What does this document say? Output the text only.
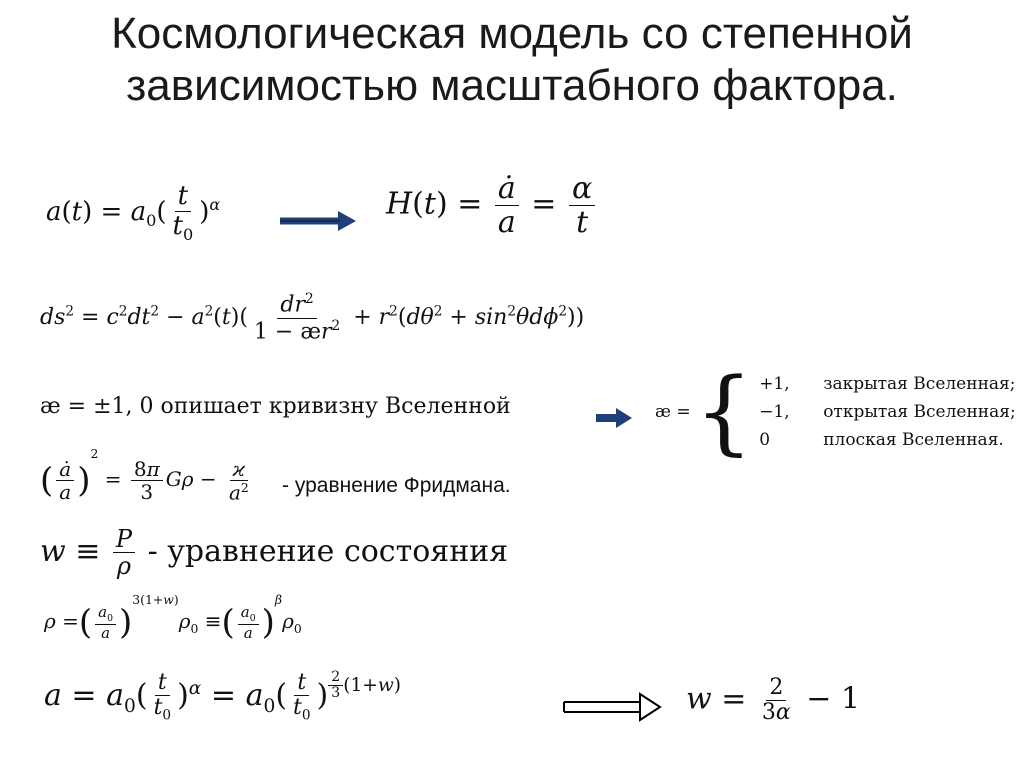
Космологическая модель со степенной
зависимостью масштабного фактора.
$a(t) = a_0( \frac{t}{t_0} )^\alpha$	$H(t) = \frac{ȧ}{a} = \frac{\alpha}{t}$
$ds^2 = c^2dt^2 - a^2(t)( \frac{dr^2}{1 - ær^2} + r^2(d\theta^2 + \sin^2\theta d\phi^2))$
æ = ±1, 0 опишает кривизну Вселенной	æ = { +1,	закрытая Вселенная;
−1,	открытая Вселенная;
0	плоская Вселенная.
( $\frac{ȧ}{a} )^2 = \frac{8\pi}{3}$ $G\rho - \frac{ϰ}{a^2}$ - уравнение Фридмана.
$w \equiv \frac{P}{\rho}$ - уравнение состояния
ρ =( $\frac{a_0}{a} )^{3(1+w)}\rho_0$ ≡( $\frac{a_0}{a} )^\beta\rho_0$
$a = a_0( \frac{t}{t_0} )^\alpha = a_0( \frac{t}{t_0}$ ) $^{\frac{2}{3} (1+w)}$	$w = \frac{2}{3\alpha} - 1$
